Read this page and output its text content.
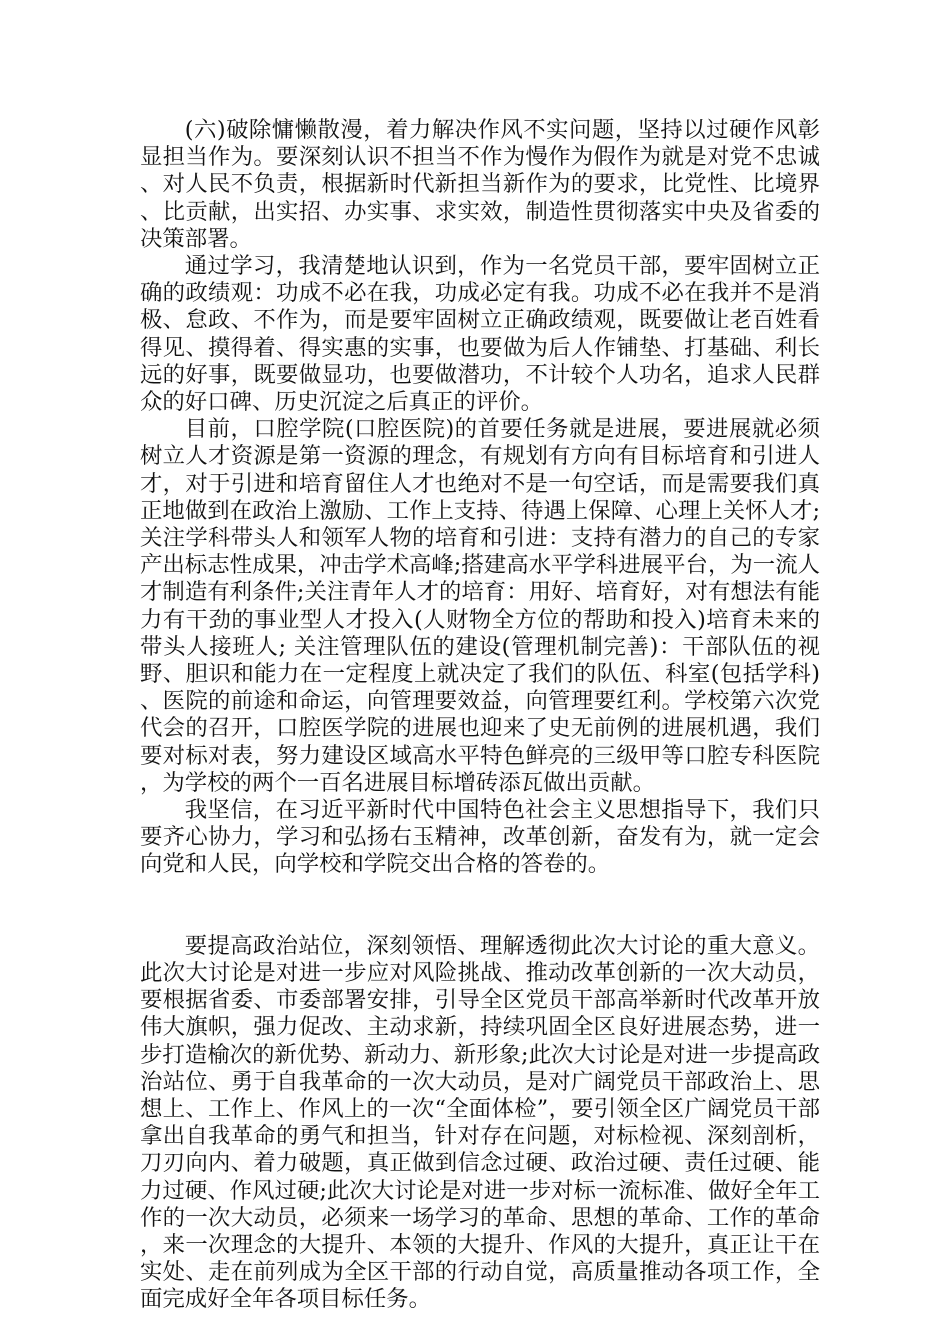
(六)破除慵懒散漫，着力解决作风不实问题，坚持以过硬作风彰显担当作为。要深刻认识不担当不作为慢作为假作为就是对党不忠诚、对人民不负责，根据新时代新担当新作为的要求，比党性、比境界、比贡献，出实招、办实事、求实效，制造性贯彻落实中央及省委的决策部署。

通过学习，我清楚地认识到，作为一名党员干部，要牢固树立正确的政绩观：功成不必在我，功成必定有我。功成不必在我并不是消极、怠政、不作为，而是要牢固树立正确政绩观，既要做让老百姓看得见、摸得着、得实惠的实事，也要做为后人作铺垫、打基础、利长远的好事，既要做显功，也要做潜功，不计较个人功名，追求人民群众的好口碑、历史沉淀之后真正的评价。

目前，口腔学院(口腔医院)的首要任务就是进展，要进展就必须树立人才资源是第一资源的理念，有规划有方向有目标培育和引进人才，对于引进和培育留住人才也绝对不是一句空话，而是需要我们真正地做到在政治上激励、工作上支持、待遇上保障、心理上关怀人才;关注学科带头人和领军人物的培育和引进：支持有潜力的自己的专家产出标志性成果，冲击学术高峰;搭建高水平学科进展平台，为一流人才制造有利条件;关注青年人才的培育：用好、培育好，对有想法有能力有干劲的事业型人才投入(人财物全方位的帮助和投入)培育未来的带头人接班人; 关注管理队伍的建设(管理机制完善)：干部队伍的视野、胆识和能力在一定程度上就决定了我们的队伍、科室(包括学科)、医院的前途和命运，向管理要效益，向管理要红利。学校第六次党代会的召开，口腔医学院的进展也迎来了史无前例的进展机遇，我们要对标对表，努力建设区域高水平特色鲜亮的三级甲等口腔专科医院，为学校的两个一百名进展目标增砖添瓦做出贡献。

我坚信，在习近平新时代中国特色社会主义思想指导下，我们只要齐心协力，学习和弘扬右玉精神，改革创新，奋发有为，就一定会向党和人民，向学校和学院交出合格的答卷的。

要提高政治站位，深刻领悟、理解透彻此次大讨论的重大意义。此次大讨论是对进一步应对风险挑战、推动改革创新的一次大动员，要根据省委、市委部署安排，引导全区党员干部高举新时代改革开放伟大旗帜，强力促改、主动求新，持续巩固全区良好进展态势，进一步打造榆次的新优势、新动力、新形象;此次大讨论是对进一步提高政治站位、勇于自我革命的一次大动员，是对广阔党员干部政治上、思想上、工作上、作风上的一次“全面体检”，要引领全区广阔党员干部拿出自我革命的勇气和担当，针对存在问题，对标检视、深刻剖析，刀刃向内、着力破题，真正做到信念过硬、政治过硬、责任过硬、能力过硬、作风过硬;此次大讨论是对进一步对标一流标准、做好全年工作的一次大动员，必须来一场学习的革命、思想的革命、工作的革命，来一次理念的大提升、本领的大提升、作风的大提升，真正让干在实处、走在前列成为全区干部的行动自觉，高质量推动各项工作，全面完成好全年各项目标任务。
